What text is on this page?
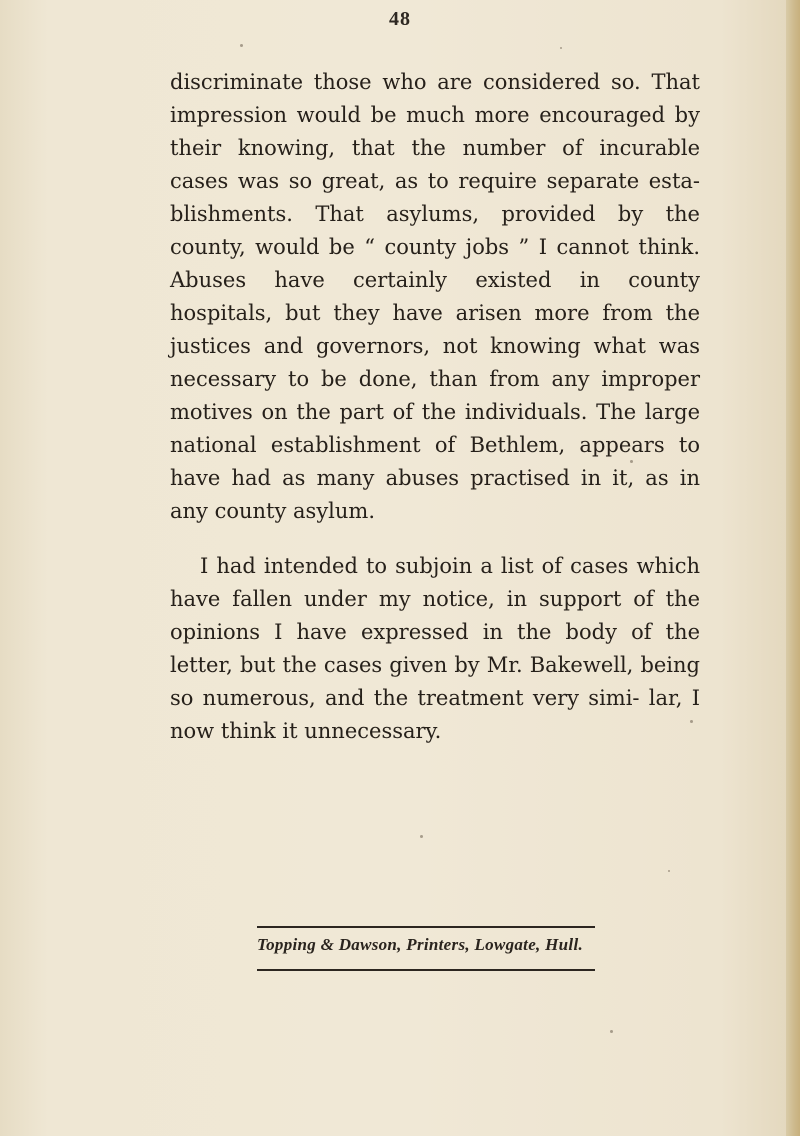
48

discriminate those who are considered so. That impression would be much more encouraged by their knowing, that the number of incurable cases was so great, as to require separate esta- blishments. That asylums, provided by the county, would be “ county jobs ” I cannot think. Abuses have certainly existed in county hospitals, but they have arisen more from the justices and governors, not knowing what was necessary to be done, than from any improper motives on the part of the individuals. The large national establishment of Bethlem, appears to have had as many abuses practised in it, as in any county asylum.

I had intended to subjoin a list of cases which have fallen under my notice, in support of the opinions I have expressed in the body of the letter, but the cases given by Mr. Bakewell, being so numerous, and the treatment very simi- lar, I now think it unnecessary.

Topping & Dawson, Printers, Lowgate, Hull.
